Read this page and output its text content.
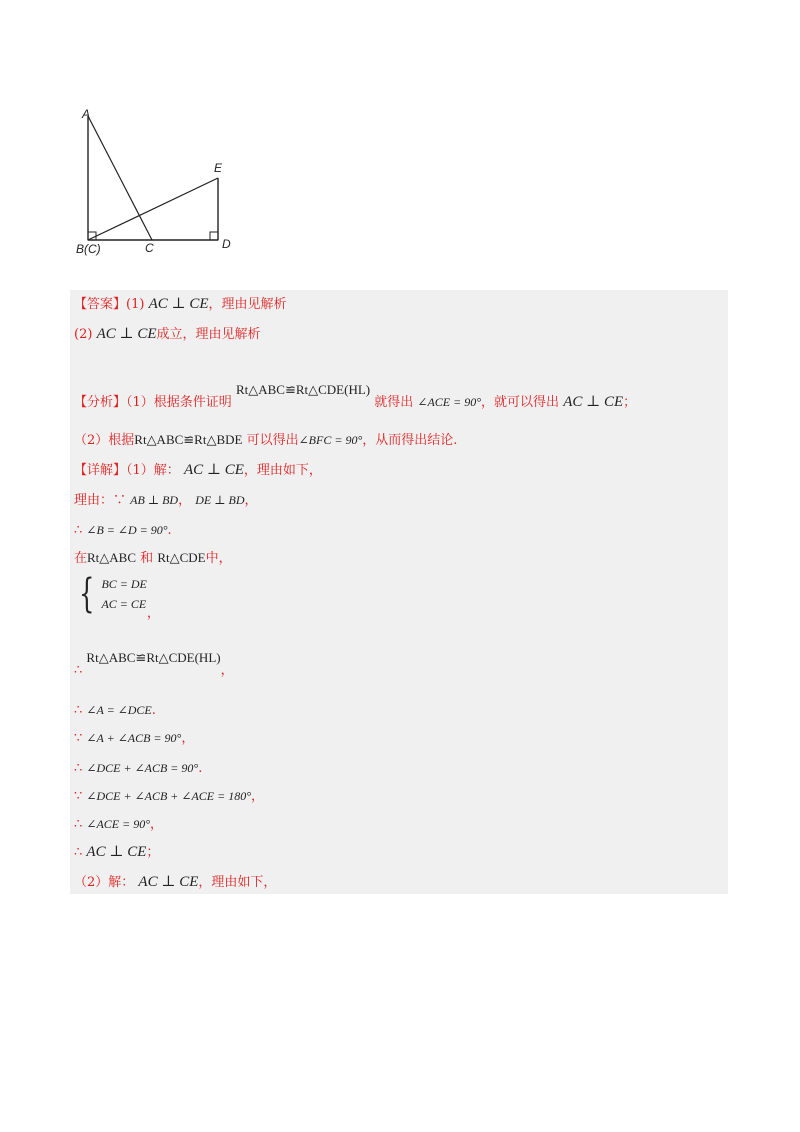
A
E
B(C)	C	D
【答案】(1) AC ⊥ CE，理由见解析
(2) AC ⊥ CE成立，理由见解析
【分析】（1）根据条件证明 Rt△ABC≌Rt△CDE(HL) 就得出 ∠ACE = 90°，就可以得出 AC ⊥ CE；
（2）根据Rt△ABC≌Rt△BDE 可以得出∠BFC = 90°，从而得出结论.
【详解】（1）解： AC ⊥ CE，理由如下，
理由：∵ AB ⊥ BD， DE ⊥ BD，
∴ ∠B = ∠D = 90°.
在Rt△ABC 和 Rt△CDE中，
{ BC = DE
AC = CE
，
∴ Rt△ABC≌Rt△CDE(HL)，
∴ ∠A = ∠DCE.
∵ ∠A + ∠ACB = 90°，
∴ ∠DCE + ∠ACB = 90°.
∵ ∠DCE + ∠ACB + ∠ACE = 180°，
∴ ∠ACE = 90°，
∴ AC ⊥ CE；
（2）解： AC ⊥ CE，理由如下，
